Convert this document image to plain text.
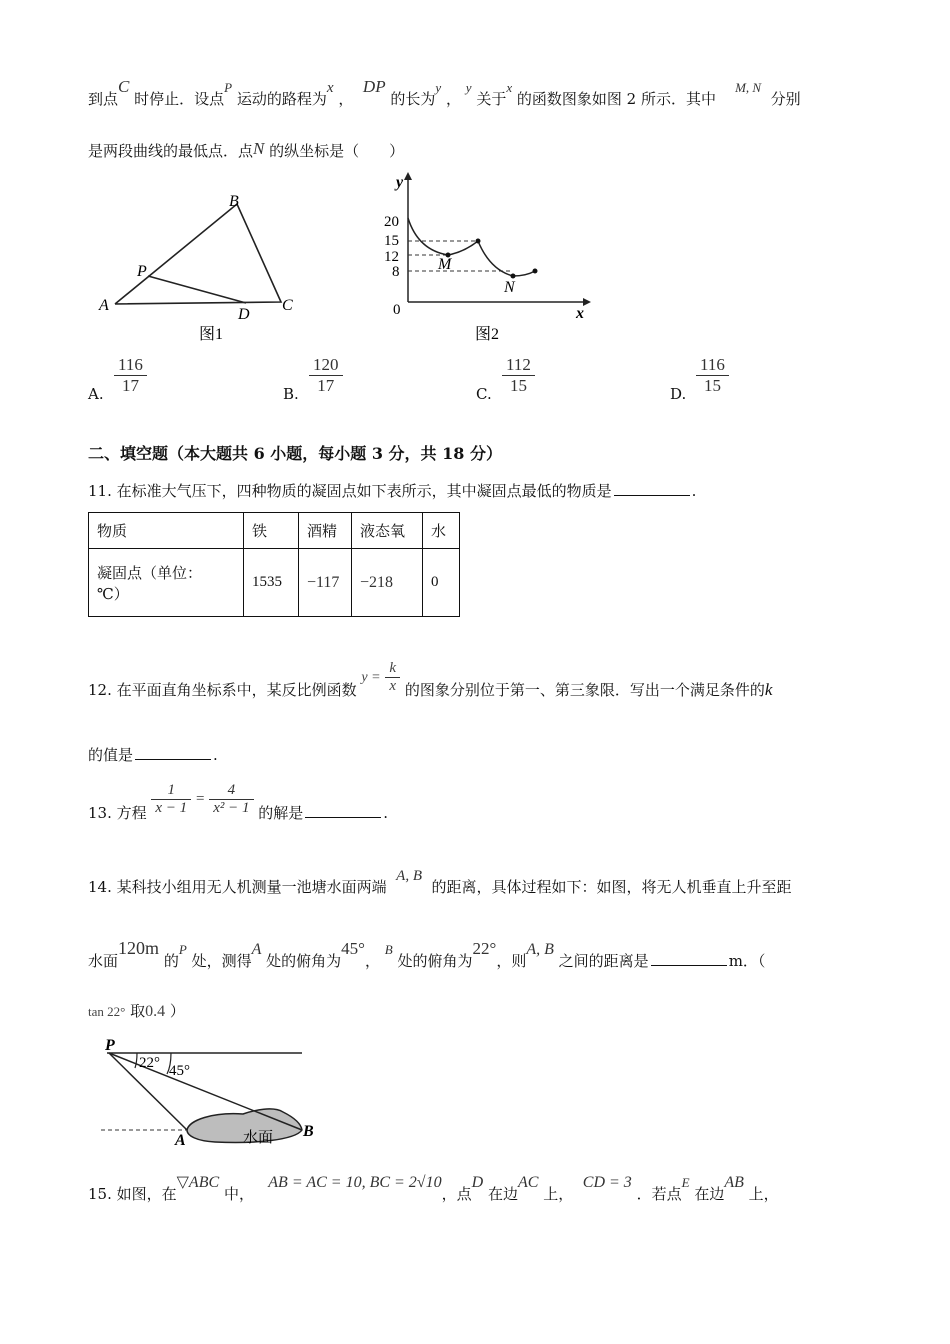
到点C 时停止．设点P 运动的路程为x ，  DP 的长为y ， y 关于x 的函数图象如图 2 所示．其中    M, N  分别
是两段曲线的最低点．点N 的纵坐标是（　　）
B
A	C
D
P
图1
y
x
0
20
15
12
8 M
N
图2
A. $\frac{116}{17}$	B. $\frac{120}{17}$	C. $\frac{112}{15}$	D. $\frac{116}{15}$
二、填空题（本大题共 6 小题，每小题 3 分，共 18 分）
11. 在标准大气压下，四种物质的凝固点如下表所示，其中凝固点最低的物质是	.
物质	铁	酒精	液态氧	水
凝固点（单位：
℃）	1535	−117	−218	0
12. 在平面直角坐标系中，某反比例函数 $y = \frac{k}{x}$ 的图象分别位于第一、第三象限．写出一个满足条件的k
的值是	.
13. 方程 $\frac{1}{x - 1} = \frac{4}{\text{x² − 1}}$ 的解是	.
14. 某科技小组用无人机测量一池塘水面两端  A, B  的距离，具体过程如下：如图，将无人机垂直上升至距
水面120m 的P 处，测得A 处的俯角为45°， B 处的俯角为22°，则A, B 之间的距离是	m．（
tan 22° 取0.4 ）
P
22° 45°
A
B
水面
15. 如图，在▽ABC 中，   AB = AC = 10, BC = 2√10，点D 在边AC 上，  CD = 3 ．若点E 在边AB 上，
